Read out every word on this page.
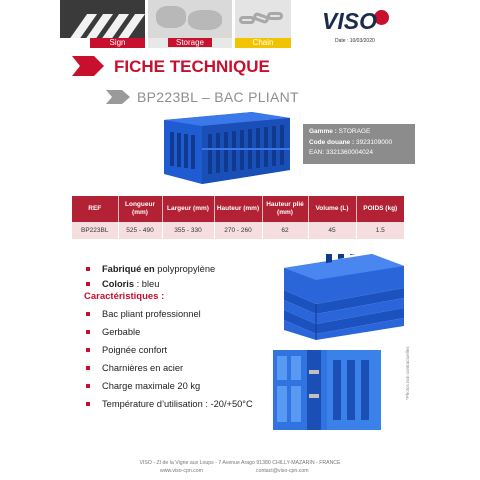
Sign	Storage	Chain
VISO
Date : 10/03/2020
FICHE TECHNIQUE
BP223BL – BAC PLIANT
Gamme : STORAGE
Code douane : 3923109000
EAN: 3321360004024
REF	Longueur (mm)	Largeur (mm)	Hauteur (mm)	Hauteur plié (mm)	Volume (L)	POIDS (kg)
BP223BL	525 - 490	355 - 330	270 - 260	62	45	1.5
Fabriqué en polypropylène
Coloris : bleu
Caractéristiques :
Bac pliant professionnel
Gerbable
Poignée confort
Charnières en acier
Charge maximale 20 kg
Température d’utilisation : -20/+50°C
*Photos non contractuelles
VISO - ZI de la Vigne aux Loups - 7 Avenue Arago 91380 CHILLY-MAZARIN - FRANCE
www.viso-cpn.com	contact@viso-cpn.com
